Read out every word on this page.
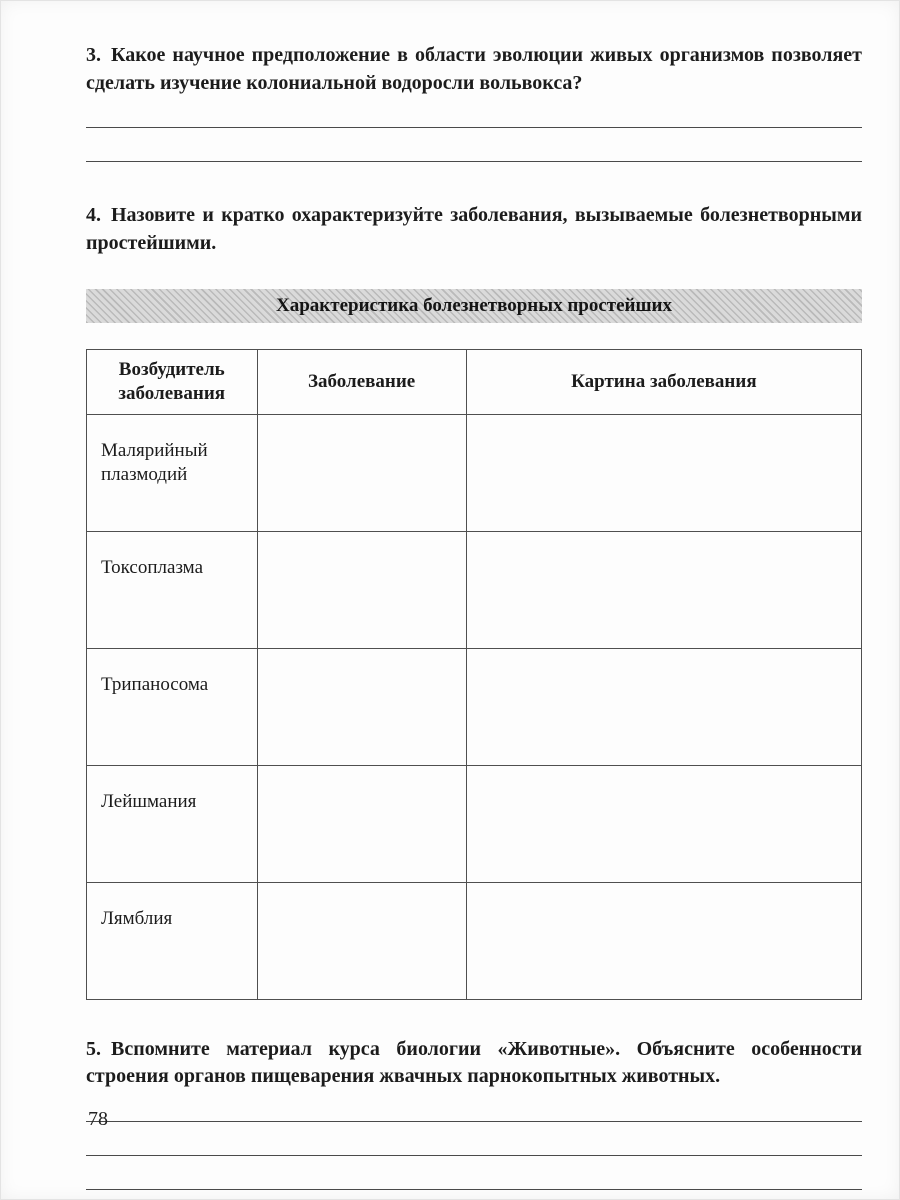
3. Какое научное предположение в области эволюции живых организмов позволяет сделать изучение колониальной водоросли вольвокса?

4. Назовите и кратко охарактеризуйте заболевания, вызываемые болезнетворными простейшими.

Характеристика болезнетворных простейших
Возбудитель заболевания	Заболевание	Картина заболевания
Малярийный плазмодий		
Токсоплазма		
Трипаносома		
Лейшмания		
Лямблия		

5. Вспомните материал курса биологии «Животные». Объясните особенности строения органов пищеварения жвачных парнокопытных животных.

78
